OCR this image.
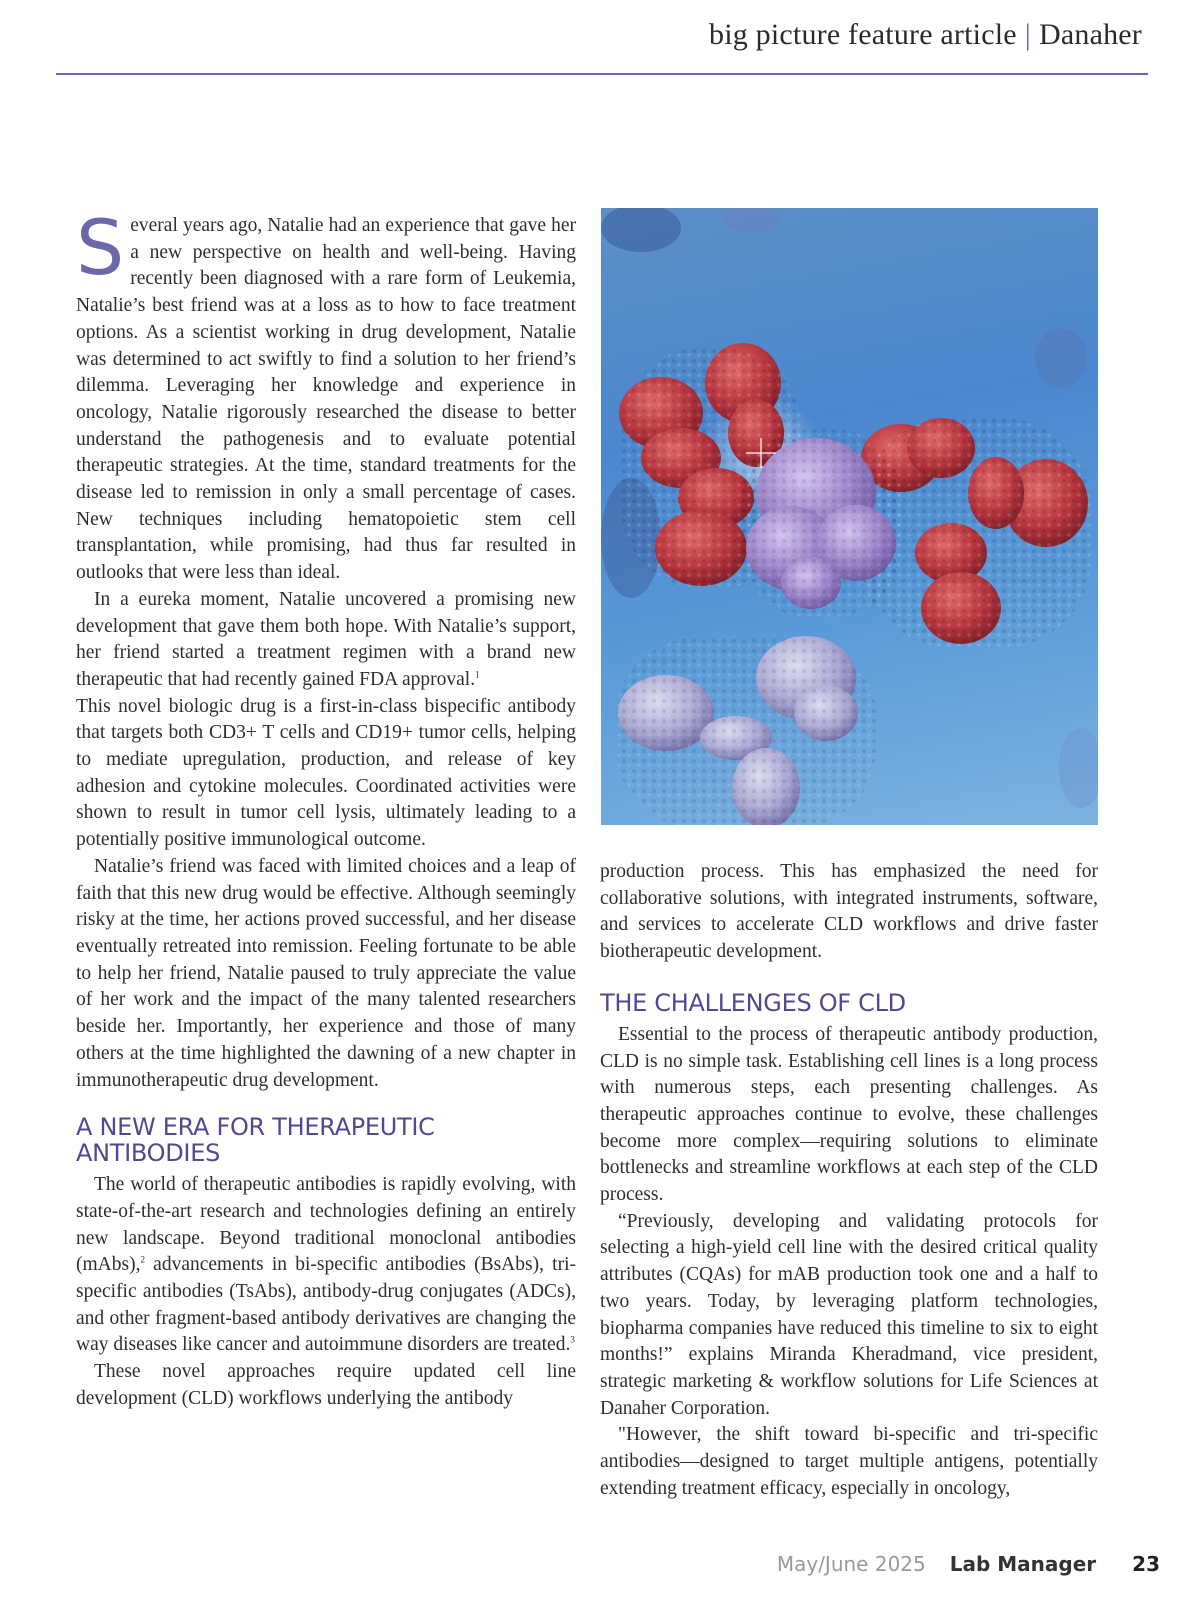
big picture feature article | Danaher

Several years ago, Natalie had an experience that gave her a new perspective on health and well-being. Having recently been diagnosed with a rare form of Leukemia, Natalie’s best friend was at a loss as to how to face treatment options. As a scientist working in drug development, Natalie was determined to act swiftly to find a solution to her friend’s dilemma. Leveraging her knowledge and experience in oncology, Natalie rigorously researched the disease to better understand the pathogenesis and to evaluate potential therapeutic strategies. At the time, standard treatments for the disease led to remission in only a small percentage of cases. New techniques including hematopoietic stem cell transplantation, while promising, had thus far resulted in outlooks that were less than ideal.

In a eureka moment, Natalie uncovered a promising new development that gave them both hope. With Natalie’s support, her friend started a treatment regimen with a brand new therapeutic that had recently gained FDA approval.$^1$

This novel biologic drug is a first-in-class bispecific antibody that targets both CD3+ T cells and CD19+ tumor cells, helping to mediate upregulation, production, and release of key adhesion and cytokine molecules. Coordinated activities were shown to result in tumor cell lysis, ultimately leading to a potentially positive immunological outcome.

Natalie’s friend was faced with limited choices and a leap of faith that this new drug would be effective. Although seemingly risky at the time, her actions proved successful, and her disease eventually retreated into remission. Feeling fortunate to be able to help her friend, Natalie paused to truly appreciate the value of her work and the impact of the many talented researchers beside her. Importantly, her experience and those of many others at the time highlighted the dawning of a new chapter in immunotherapeutic drug development.

A NEW ERA FOR THERAPEUTIC ANTIBODIES

The world of therapeutic antibodies is rapidly evolving, with state-of-the-art research and technologies defining an entirely new landscape. Beyond traditional monoclonal antibodies (mAbs),$^2$ advancements in bi-specific antibodies (BsAbs), tri-specific antibodies (TsAbs), antibody-drug conjugates (ADCs), and other fragment-based antibody derivatives are changing the way diseases like cancer and autoimmune disorders are treated.$^3$

These novel approaches require updated cell line development (CLD) workflows underlying the antibody

production process. This has emphasized the need for collaborative solutions, with integrated instruments, software, and services to accelerate CLD workflows and drive faster biotherapeutic development.

THE CHALLENGES OF CLD

Essential to the process of therapeutic antibody production, CLD is no simple task. Establishing cell lines is a long process with numerous steps, each presenting challenges. As therapeutic approaches continue to evolve, these challenges become more complex—requiring solutions to eliminate bottlenecks and streamline workflows at each step of the CLD process.

“Previously, developing and validating protocols for selecting a high-yield cell line with the desired critical quality attributes (CQAs) for mAB production took one and a half to two years. Today, by leveraging platform technologies, biopharma companies have reduced this timeline to six to eight months!” explains Miranda Kheradmand, vice president, strategic marketing & workflow solutions for Life Sciences at Danaher Corporation.

"However, the shift toward bi-specific and tri-specific antibodies—designed to target multiple antigens, potentially extending treatment efficacy, especially in oncology,

May/June 2025 Lab Manager 23
